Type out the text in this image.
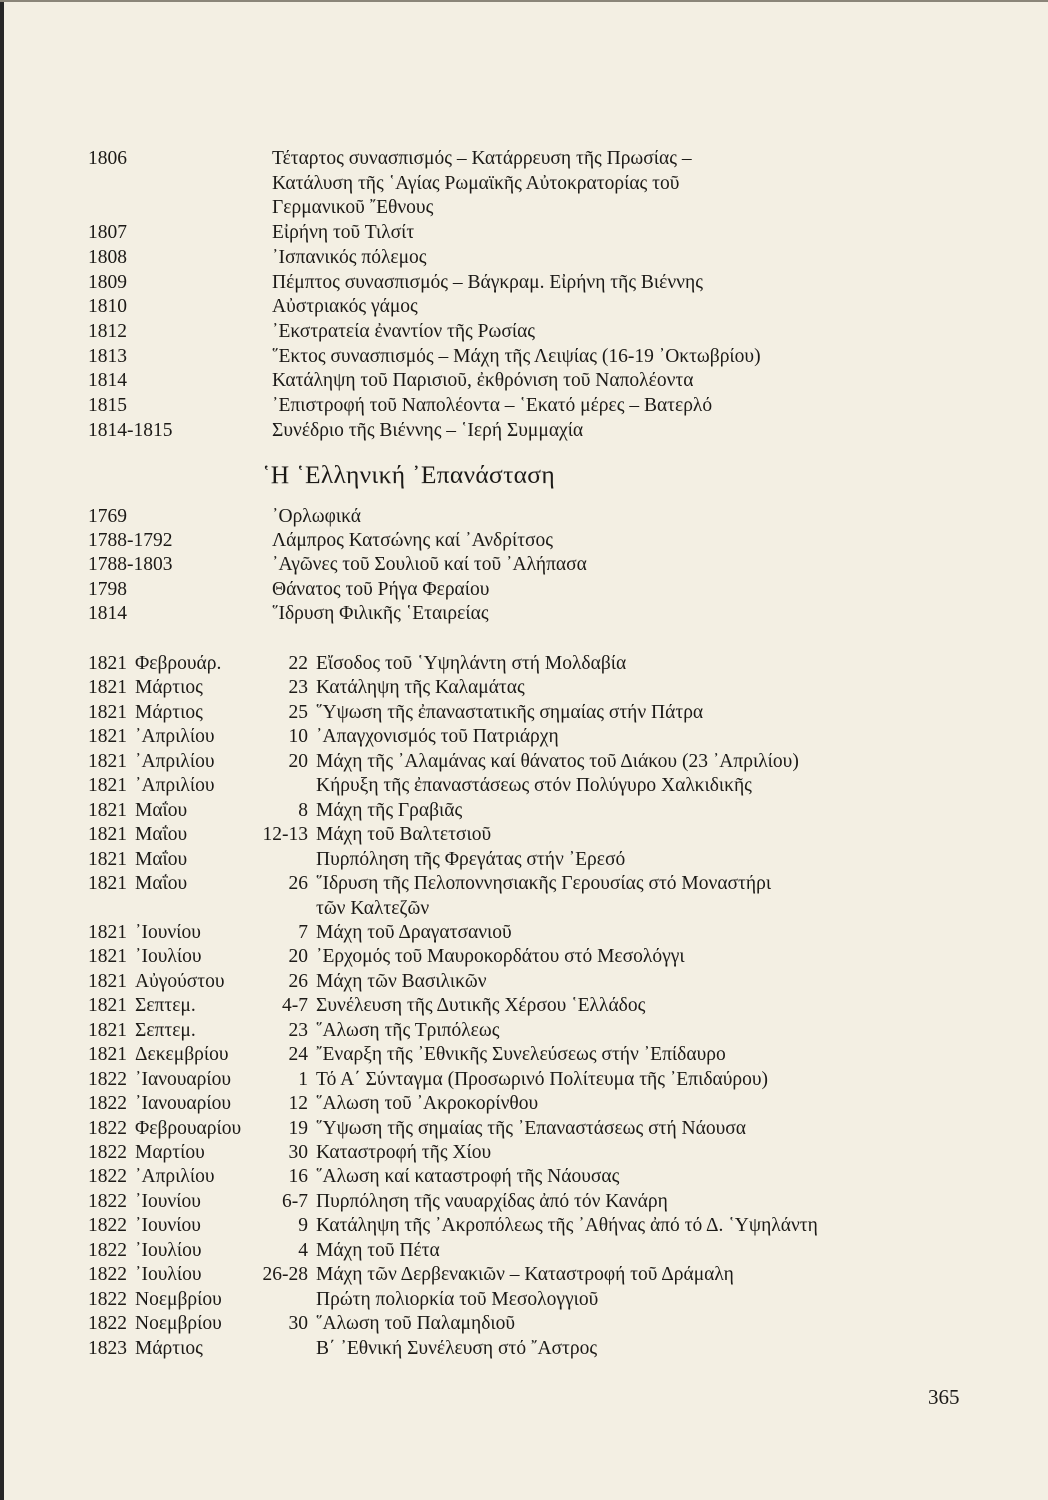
1806	Τέταρτος συνασπισμός – Κατάρρευση τῆς Πρωσίας –
Κατάλυση τῆς ῾Αγίας Ρωμαϊκῆς Αὐτοκρατορίας τοῦ
Γερμανικοῦ ῎Εθνους
1807	Εἰρήνη τοῦ Τιλσίτ
1808	᾿Ισπανικός πόλεμος
1809	Πέμπτος συνασπισμός – Βάγκραμ. Εἰρήνη τῆς Βιέννης
1810	Αὐστριακός γάμος
1812	᾿Εκστρατεία ἐναντίον τῆς Ρωσίας
1813	῞Εκτος συνασπισμός – Μάχη τῆς Λειψίας (16-19 ᾿Οκτωβρίου)
1814	Κατάληψη τοῦ Παρισιοῦ, ἐκθρόνιση τοῦ Ναπολέοντα
1815	᾿Επιστροφή τοῦ Ναπολέοντα – ῾Εκατό μέρες – Βατερλό
1814-1815	Συνέδριο τῆς Βιέννης – ῾Ιερή Συμμαχία
῾Η ῾Ελληνική ᾿Επανάσταση
1769	᾿Ορλωφικά
1788-1792	Λάμπρος Κατσώνης καί ᾿Ανδρίτσος
1788-1803	᾿Αγῶνες τοῦ Σουλιοῦ καί τοῦ ᾿Αλήπασα
1798	Θάνατος τοῦ Ρήγα Φεραίου
1814	῞Ιδρυση Φιλικῆς ῾Εταιρείας
1821 Φεβρουάρ.	22 Εἴσοδος τοῦ ῾Υψηλάντη στή Μολδαβία
1821 Μάρτιος	23 Κατάληψη τῆς Καλαμάτας
1821 Μάρτιος	25 ῞Υψωση τῆς ἐπαναστατικῆς σημαίας στήν Πάτρα
1821 ᾿Απριλίου	10 ᾿Απαγχονισμός τοῦ Πατριάρχη
1821 ᾿Απριλίου	20 Μάχη τῆς ᾿Αλαμάνας καί θάνατος τοῦ Διάκου (23 ᾿Απριλίου)
1821 ᾿Απριλίου	Κήρυξη τῆς ἐπαναστάσεως στόν Πολύγυρο Χαλκιδικῆς
1821 Μαΐου	8 Μάχη τῆς Γραβιᾶς
1821 Μαΐου	12-13 Μάχη τοῦ Βαλτετσιοῦ
1821 Μαΐου	Πυρπόληση τῆς Φρεγάτας στήν ᾿Ερεσό
1821 Μαΐου	26 ῞Ιδρυση τῆς Πελοποννησιακῆς Γερουσίας στό Μοναστήρι
τῶν Καλτεζῶν
1821 ᾿Ιουνίου	7 Μάχη τοῦ Δραγατσανιοῦ
1821 ᾿Ιουλίου	20 ᾿Ερχομός τοῦ Μαυροκορδάτου στό Μεσολόγγι
1821 Αὐγούστου	26 Μάχη τῶν Βασιλικῶν
1821 Σεπτεμ.	4-7 Συνέλευση τῆς Δυτικῆς Χέρσου ῾Ελλάδος
1821 Σεπτεμ.	23 ῞Αλωση τῆς Τριπόλεως
1821 Δεκεμβρίου	24 ῎Εναρξη τῆς ᾿Εθνικῆς Συνελεύσεως στήν ᾿Επίδαυρο
1822 ᾿Ιανουαρίου	1 Τό Α΄ Σύνταγμα (Προσωρινό Πολίτευμα τῆς ᾿Επιδαύρου)
1822 ᾿Ιανουαρίου	12 ῞Αλωση τοῦ ᾿Ακροκορίνθου
1822 Φεβρουαρίου	19 ῞Υψωση τῆς σημαίας τῆς ᾿Επαναστάσεως στή Νάουσα
1822 Μαρτίου	30 Καταστροφή τῆς Χίου
1822 ᾿Απριλίου	16 ῞Αλωση καί καταστροφή τῆς Νάουσας
1822 ᾿Ιουνίου	6-7 Πυρπόληση τῆς ναυαρχίδας ἀπό τόν Κανάρη
1822 ᾿Ιουνίου	9 Κατάληψη τῆς ᾿Ακροπόλεως τῆς ᾿Αθήνας ἀπό τό Δ. ῾Υψηλάντη
1822 ᾿Ιουλίου	4 Μάχη τοῦ Πέτα
1822 ᾿Ιουλίου	26-28 Μάχη τῶν Δερβενακιῶν – Καταστροφή τοῦ Δράμαλη
1822 Νοεμβρίου	Πρώτη πολιορκία τοῦ Μεσολογγιοῦ
1822 Νοεμβρίου	30 ῞Αλωση τοῦ Παλαμηδιοῦ
1823 Μάρτιος	Β΄ ᾿Εθνική Συνέλευση στό ῎Αστρος
365
